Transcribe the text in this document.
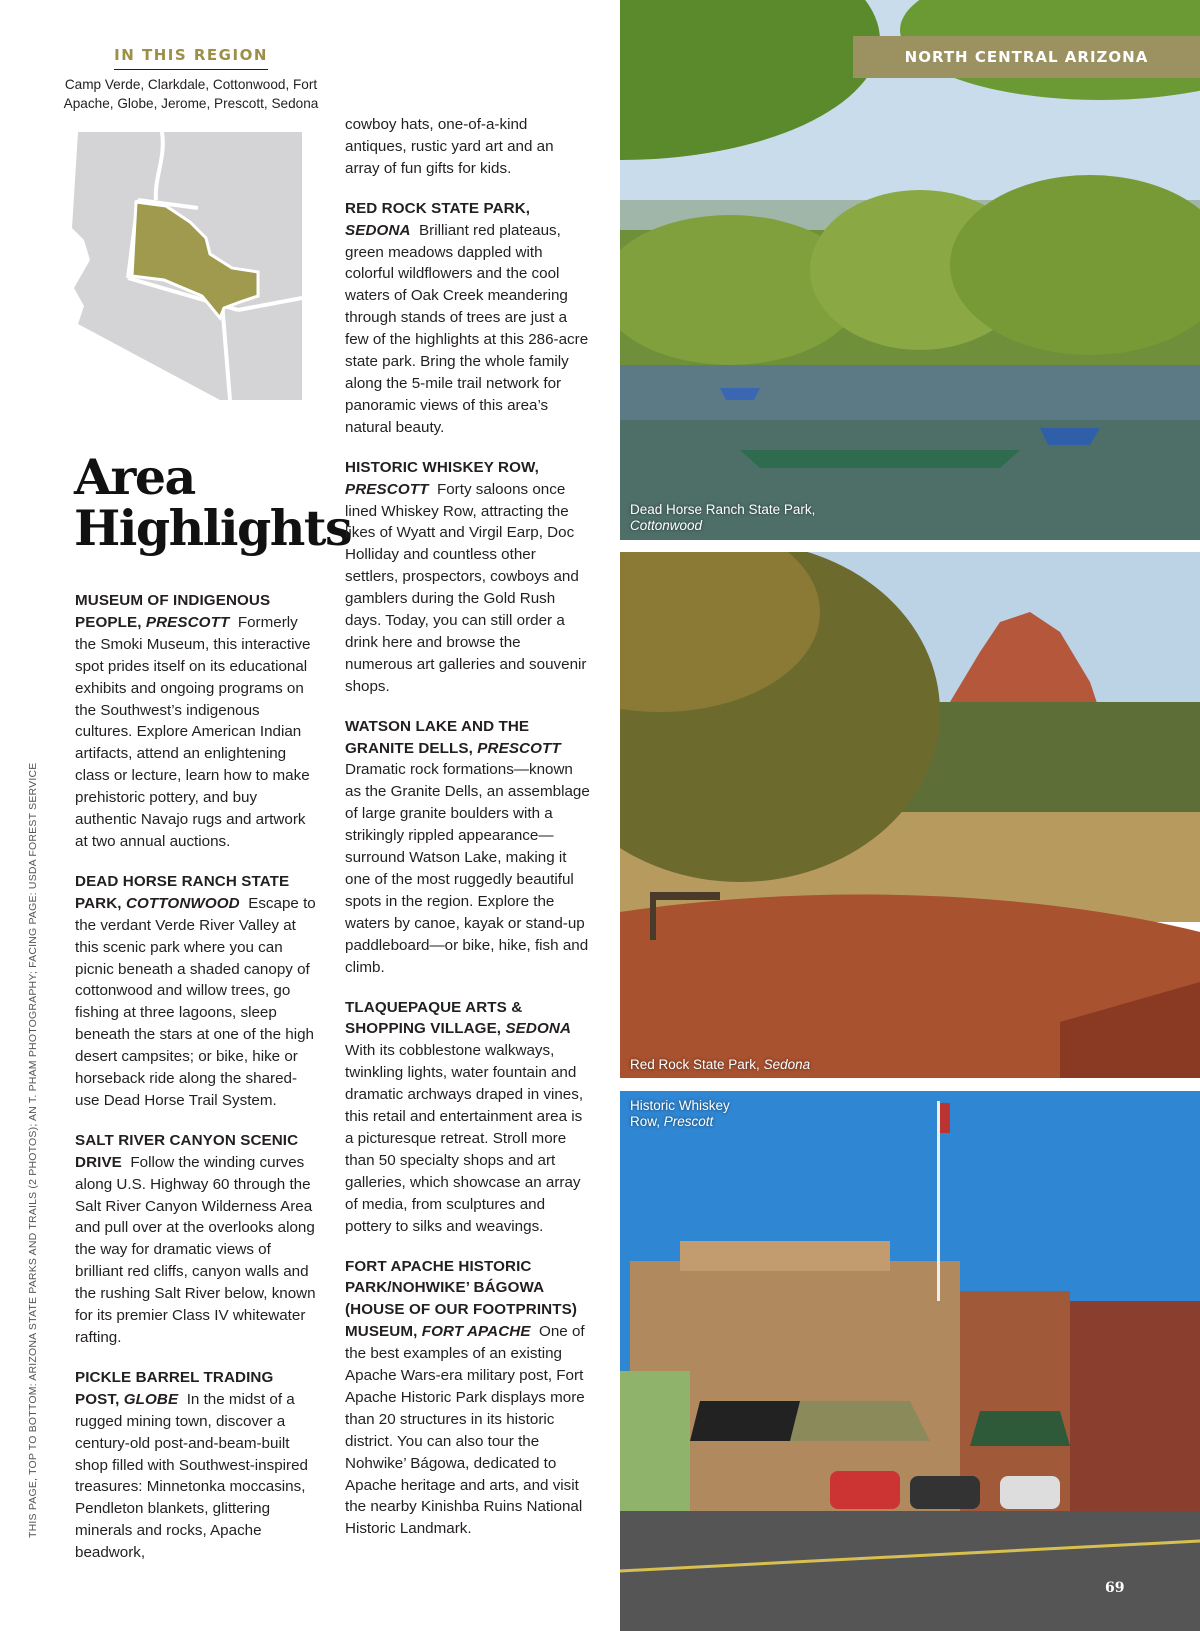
IN THIS REGION
Camp Verde, Clarkdale, Cottonwood, Fort Apache, Globe, Jerome, Prescott, Sedona
Area
Highlights
MUSEUM OF INDIGENOUS PEOPLE, PRESCOTT Formerly the Smoki Museum, this interactive spot prides itself on its educational exhibits and ongoing programs on the Southwest’s indigenous cultures. Explore American Indian artifacts, attend an enlightening class or lecture, learn how to make prehistoric pottery, and buy authentic Navajo rugs and artwork at two annual auctions.

DEAD HORSE RANCH STATE PARK, COTTONWOOD Escape to the verdant Verde River Valley at this scenic park where you can picnic beneath a shaded canopy of cottonwood and willow trees, go fishing at three lagoons, sleep beneath the stars at one of the high desert campsites; or bike, hike or horseback ride along the shared-use Dead Horse Trail System.

SALT RIVER CANYON SCENIC DRIVE Follow the winding curves along U.S. Highway 60 through the Salt River Canyon Wilderness Area and pull over at the overlooks along the way for dramatic views of brilliant red cliffs, canyon walls and the rushing Salt River below, known for its premier Class IV whitewater rafting.

PICKLE BARREL TRADING POST, GLOBE In the midst of a rugged mining town, discover a century-old post-and-beam-built shop filled with Southwest-inspired treasures: Minnetonka moccasins, Pendleton blankets, glittering minerals and rocks, Apache beadwork,

cowboy hats, one-of-a-kind antiques, rustic yard art and an array of fun gifts for kids.

RED ROCK STATE PARK, SEDONA Brilliant red plateaus, green meadows dappled with colorful wildflowers and the cool waters of Oak Creek meandering through stands of trees are just a few of the highlights at this 286-acre state park. Bring the whole family along the 5-mile trail network for panoramic views of this area’s natural beauty.

HISTORIC WHISKEY ROW, PRESCOTT Forty saloons once lined Whiskey Row, attracting the likes of Wyatt and Virgil Earp, Doc Holliday and countless other settlers, prospectors, cowboys and gamblers during the Gold Rush days. Today, you can still order a drink here and browse the numerous art galleries and souvenir shops.

WATSON LAKE AND THE GRANITE DELLS, PRESCOTT

Dramatic rock formations—known as the Granite Dells, an assemblage of large granite boulders with a strikingly rippled appearance—surround Watson Lake, making it one of the most ruggedly beautiful spots in the region. Explore the waters by canoe, kayak or stand-up paddleboard—or bike, hike, fish and climb.

TLAQUEPAQUE ARTS & SHOPPING VILLAGE, SEDONA

With its cobblestone walkways, twinkling lights, water fountain and dramatic archways draped in vines, this retail and entertainment area is a picturesque retreat. Stroll more than 50 specialty shops and art galleries, which showcase an array of media, from sculptures and pottery to silks and weavings.

FORT APACHE HISTORIC PARK/NOHWIKE’ BÁGOWA (HOUSE OF OUR FOOTPRINTS) MUSEUM, FORT APACHE One of the best examples of an existing Apache Wars-era military post, Fort Apache Historic Park displays more than 20 structures in its historic district. You can also tour the Nohwike’ Bágowa, dedicated to Apache heritage and arts, and visit the nearby Kinishba Ruins National Historic Landmark.

THIS PAGE, TOP TO BOTTOM: ARIZONA STATE PARKS AND TRAILS (2 PHOTOS); AN T. PHAM PHOTOGRAPHY; FACING PAGE: USDA FOREST SERVICE
NORTH CENTRAL ARIZONA
Dead Horse Ranch State Park,
Cottonwood
Red Rock State Park, Sedona
Historic Whiskey Row, Prescott
69
